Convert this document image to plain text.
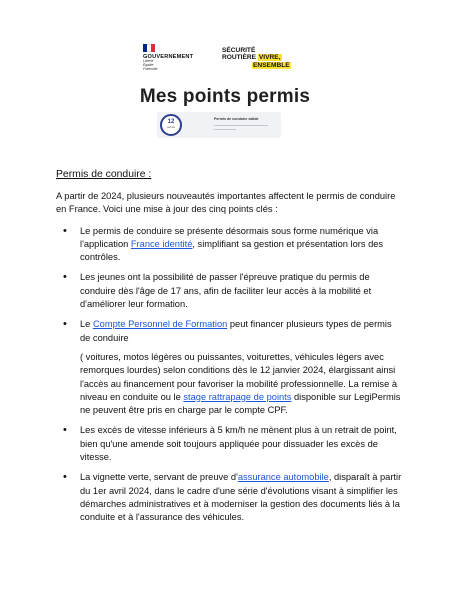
GOUVERNEMENT
Liberté
Égalité
Fraternité
SÉCURITÉ
ROUTIÈRE VIVRE,
ENSEMBLE
Mes points permis
12
points
Permis de conduire valide
Permis de conduire :

A partir de 2024, plusieurs nouveautés importantes affectent le permis de conduire en France. Voici une mise à jour des cinq points clés :

• Le permis de conduire se présente désormais sous forme numérique via l'application France identité, simplifiant sa gestion et présentation lors des contrôles.
• Les jeunes ont la possibilité de passer l'épreuve pratique du permis de conduire dès l'âge de 17 ans, afin de faciliter leur accès à la mobilité et d'améliorer leur formation.
• Le Compte Personnel de Formation peut financer plusieurs types de permis de conduire

( voitures, motos légères ou puissantes, voiturettes, véhicules légers avec remorques lourdes) selon conditions dès le 12 janvier 2024, élargissant ainsi l'accès au financement pour favoriser la mobilité professionnelle. La remise à niveau en conduite ou le stage rattrapage de points disponible sur LegiPermis ne peuvent être pris en charge par le compte CPF.

• Les excès de vitesse inférieurs à 5 km/h ne mènent plus à un retrait de point, bien qu'une amende soit toujours appliquée pour dissuader les excès de vitesse.
• La vignette verte, servant de preuve d'assurance automobile, disparaît à partir du 1er avril 2024, dans le cadre d'une série d'évolutions visant à simplifier les démarches administratives et à moderniser la gestion des documents liés à la conduite et à l'assurance des véhicules.
